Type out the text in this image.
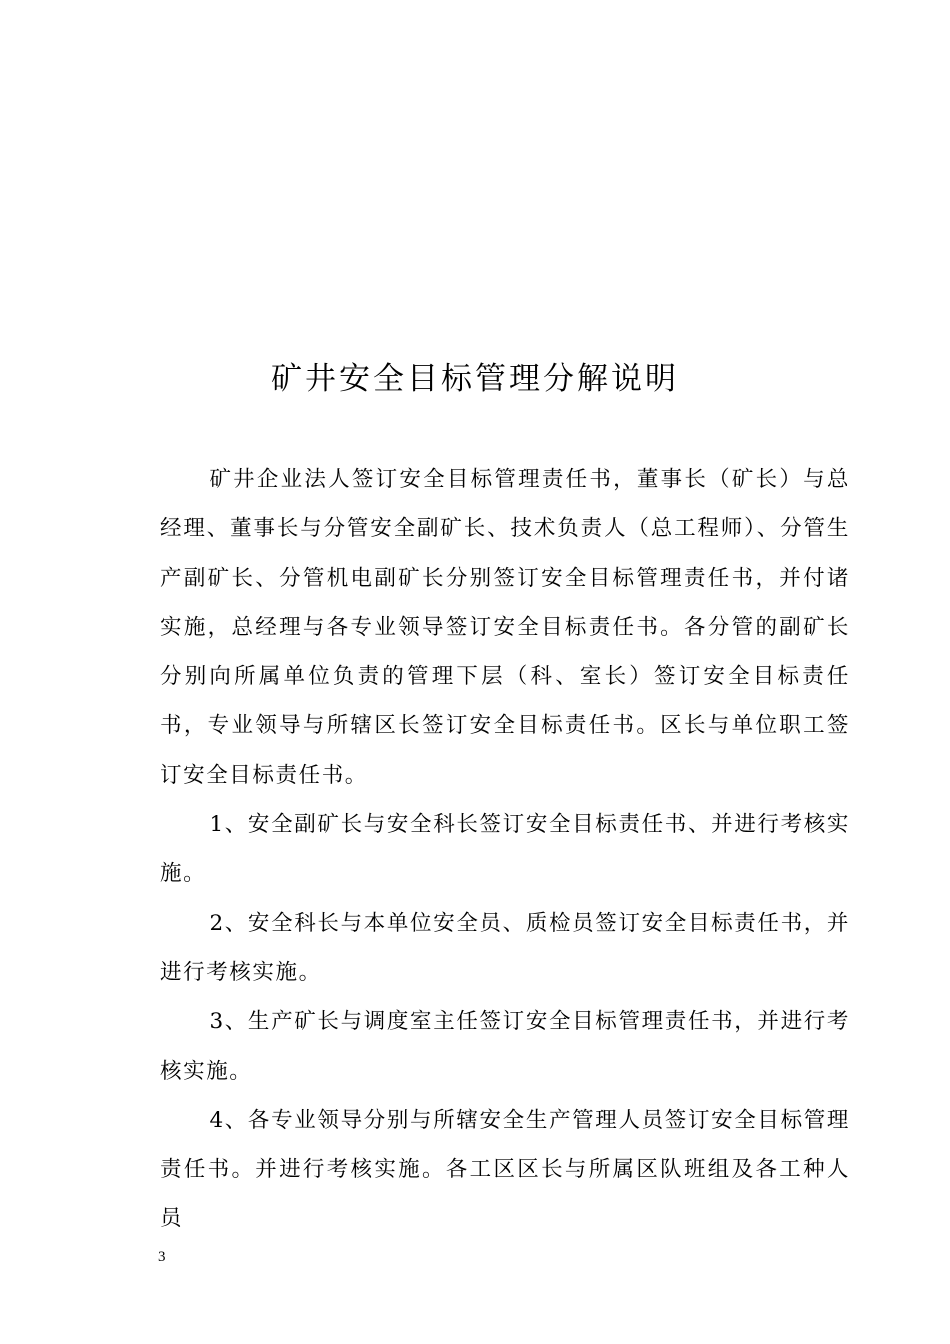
矿井安全目标管理分解说明

矿井企业法人签订安全目标管理责任书，董事长（矿长）与总经理、董事长与分管安全副矿长、技术负责人（总工程师）、分管生产副矿长、分管机电副矿长分别签订安全目标管理责任书，并付诸实施，总经理与各专业领导签订安全目标责任书。各分管的副矿长分别向所属单位负责的管理下层（科、室长）签订安全目标责任书，专业领导与所辖区长签订安全目标责任书。区长与单位职工签订安全目标责任书。

1、安全副矿长与安全科长签订安全目标责任书、并进行考核实施。

2、安全科长与本单位安全员、质检员签订安全目标责任书，并进行考核实施。

3、生产矿长与调度室主任签订安全目标管理责任书，并进行考核实施。

4、各专业领导分别与所辖安全生产管理人员签订安全目标管理责任书。并进行考核实施。各工区区长与所属区队班组及各工种人员

3
